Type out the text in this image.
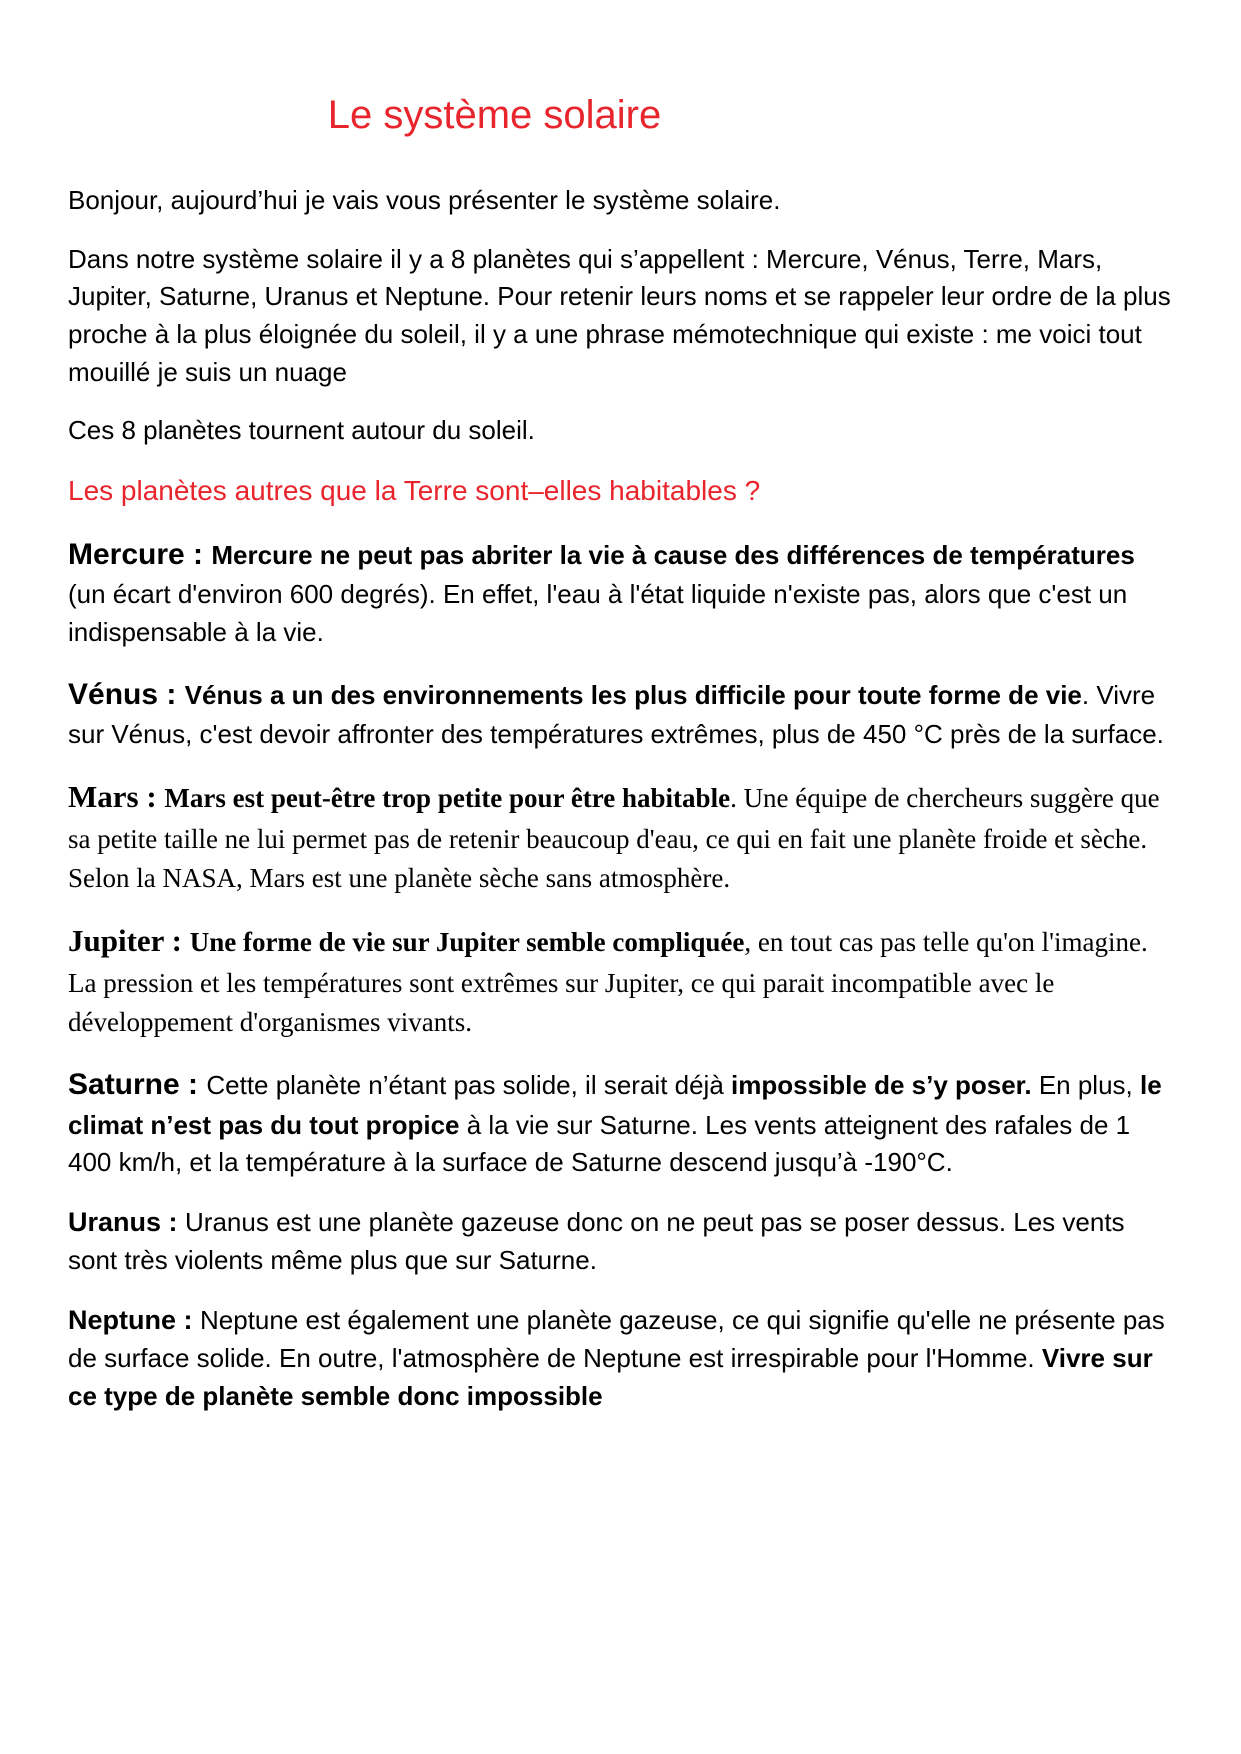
Le système solaire

Bonjour, aujourd’hui je vais vous présenter le système solaire.

Dans notre système solaire il y a 8 planètes qui s’appellent : Mercure, Vénus, Terre, Mars, Jupiter, Saturne, Uranus et Neptune. Pour retenir leurs noms et se rappeler leur ordre de la plus proche à la plus éloignée du soleil, il y a une phrase mémotechnique qui existe : me voici tout mouillé je suis un nuage

Ces 8 planètes tournent autour du soleil.

Les planètes autres que la Terre sont–elles habitables ?

Mercure : Mercure ne peut pas abriter la vie à cause des différences de températures (un écart d'environ 600 degrés). En effet, l'eau à l'état liquide n'existe pas, alors que c'est un indispensable à la vie.

Vénus : Vénus a un des environnements les plus difficile pour toute forme de vie. Vivre sur Vénus, c'est devoir affronter des températures extrêmes, plus de 450 °C près de la surface.

Mars : Mars est peut-être trop petite pour être habitable. Une équipe de chercheurs suggère que sa petite taille ne lui permet pas de retenir beaucoup d'eau, ce qui en fait une planète froide et sèche. Selon la NASA, Mars est une planète sèche sans atmosphère.

Jupiter : Une forme de vie sur Jupiter semble compliquée, en tout cas pas telle qu'on l'imagine. La pression et les températures sont extrêmes sur Jupiter, ce qui parait incompatible avec le développement d'organismes vivants.

Saturne : Cette planète n’étant pas solide, il serait déjà impossible de s’y poser. En plus, le climat n’est pas du tout propice à la vie sur Saturne. Les vents atteignent des rafales de 1 400 km/h, et la température à la surface de Saturne descend jusqu’à -190°C.

Uranus : Uranus est une planète gazeuse donc on ne peut pas se poser dessus. Les vents sont très violents même plus que sur Saturne.

Neptune : Neptune est également une planète gazeuse, ce qui signifie qu'elle ne présente pas de surface solide. En outre, l'atmosphère de Neptune est irrespirable pour l'Homme. Vivre sur ce type de planète semble donc impossible
